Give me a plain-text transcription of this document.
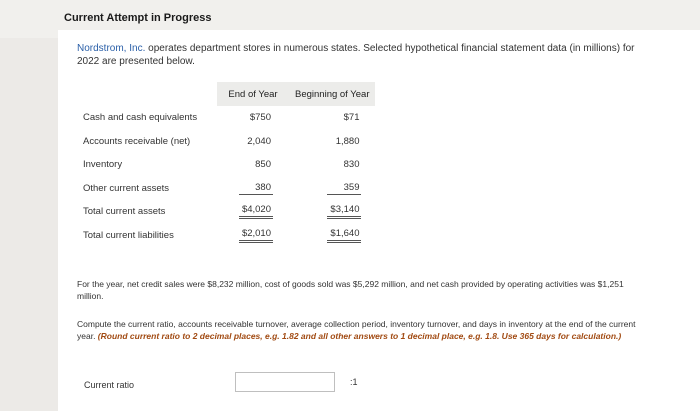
Current Attempt in Progress

Nordstrom, Inc. operates department stores in numerous states. Selected hypothetical financial statement data (in millions) for 2022 are presented below.

	End of Year	Beginning of Year
Cash and cash equivalents	$750	$71
Accounts receivable (net)	2,040	1,880
Inventory	850	830
Other current assets	380	359
Total current assets	$4,020	$3,140
Total current liabilities	$2,010	$1,640

For the year, net credit sales were $8,232 million, cost of goods sold was $5,292 million, and net cash provided by operating activities was $1,251 million.

Compute the current ratio, accounts receivable turnover, average collection period, inventory turnover, and days in inventory at the end of the current year. (Round current ratio to 2 decimal places, e.g. 1.82 and all other answers to 1 decimal place, e.g. 1.8. Use 365 days for calculation.)

Current ratio	:1
